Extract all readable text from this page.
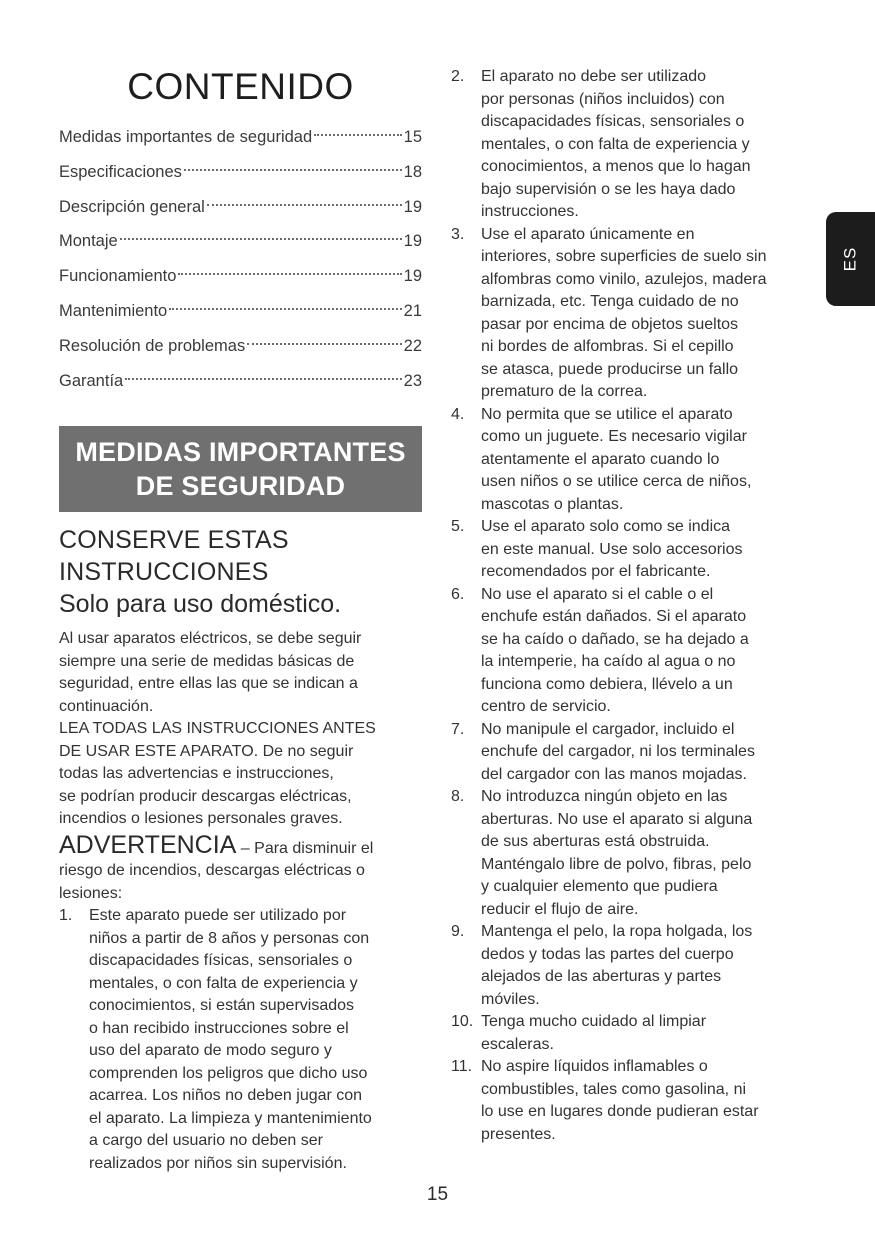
CONTENIDO
Medidas importantes de seguridad	15
Especificaciones	18
Descripción general	19
Montaje	19
Funcionamiento	19
Mantenimiento	21
Resolución de problemas	22
Garantía	23
MEDIDAS IMPORTANTES
DE SEGURIDAD
CONSERVE ESTAS
INSTRUCCIONES
Solo para uso doméstico.

Al usar aparatos eléctricos, se debe seguir
siempre una serie de medidas básicas de
seguridad, entre ellas las que se indican a
continuación.

LEA TODAS LAS INSTRUCCIONES ANTES
DE USAR ESTE APARATO. De no seguir
todas las advertencias e instrucciones,
se podrían producir descargas eléctricas,
incendios o lesiones personales graves.

ADVERTENCIA – Para disminuir el
riesgo de incendios, descargas eléctricas o
lesiones:

1.	Este aparato puede ser utilizado por
niños a partir de 8 años y personas con
discapacidades físicas, sensoriales o
mentales, o con falta de experiencia y
conocimientos, si están supervisados
o han recibido instrucciones sobre el
uso del aparato de modo seguro y
comprenden los peligros que dicho uso
acarrea. Los niños no deben jugar con
el aparato. La limpieza y mantenimiento
a cargo del usuario no deben ser
realizados por niños sin supervisión.
2.	El aparato no debe ser utilizado
por personas (niños incluidos) con
discapacidades físicas, sensoriales o
mentales, o con falta de experiencia y
conocimientos, a menos que lo hagan
bajo supervisión o se les haya dado
instrucciones.
3.	Use el aparato únicamente en
interiores, sobre superficies de suelo sin
alfombras como vinilo, azulejos, madera
barnizada, etc. Tenga cuidado de no
pasar por encima de objetos sueltos
ni bordes de alfombras. Si el cepillo
se atasca, puede producirse un fallo
prematuro de la correa.
4.	No permita que se utilice el aparato
como un juguete. Es necesario vigilar
atentamente el aparato cuando lo
usen niños o se utilice cerca de niños,
mascotas o plantas.
5.	Use el aparato solo como se indica
en este manual. Use solo accesorios
recomendados por el fabricante.
6.	No use el aparato si el cable o el
enchufe están dañados. Si el aparato
se ha caído o dañado, se ha dejado a
la intemperie, ha caído al agua o no
funciona como debiera, llévelo a un
centro de servicio.
7.	No manipule el cargador, incluido el
enchufe del cargador, ni los terminales
del cargador con las manos mojadas.
8.	No introduzca ningún objeto en las
aberturas. No use el aparato si alguna
de sus aberturas está obstruida.
Manténgalo libre de polvo, fibras, pelo
y cualquier elemento que pudiera
reducir el flujo de aire.
9.	Mantenga el pelo, la ropa holgada, los
dedos y todas las partes del cuerpo
alejados de las aberturas y partes
móviles.
10. Tenga mucho cuidado al limpiar
escaleras.
11. No aspire líquidos inflamables o
combustibles, tales como gasolina, ni
lo use en lugares donde pudieran estar
presentes.
ES
15
